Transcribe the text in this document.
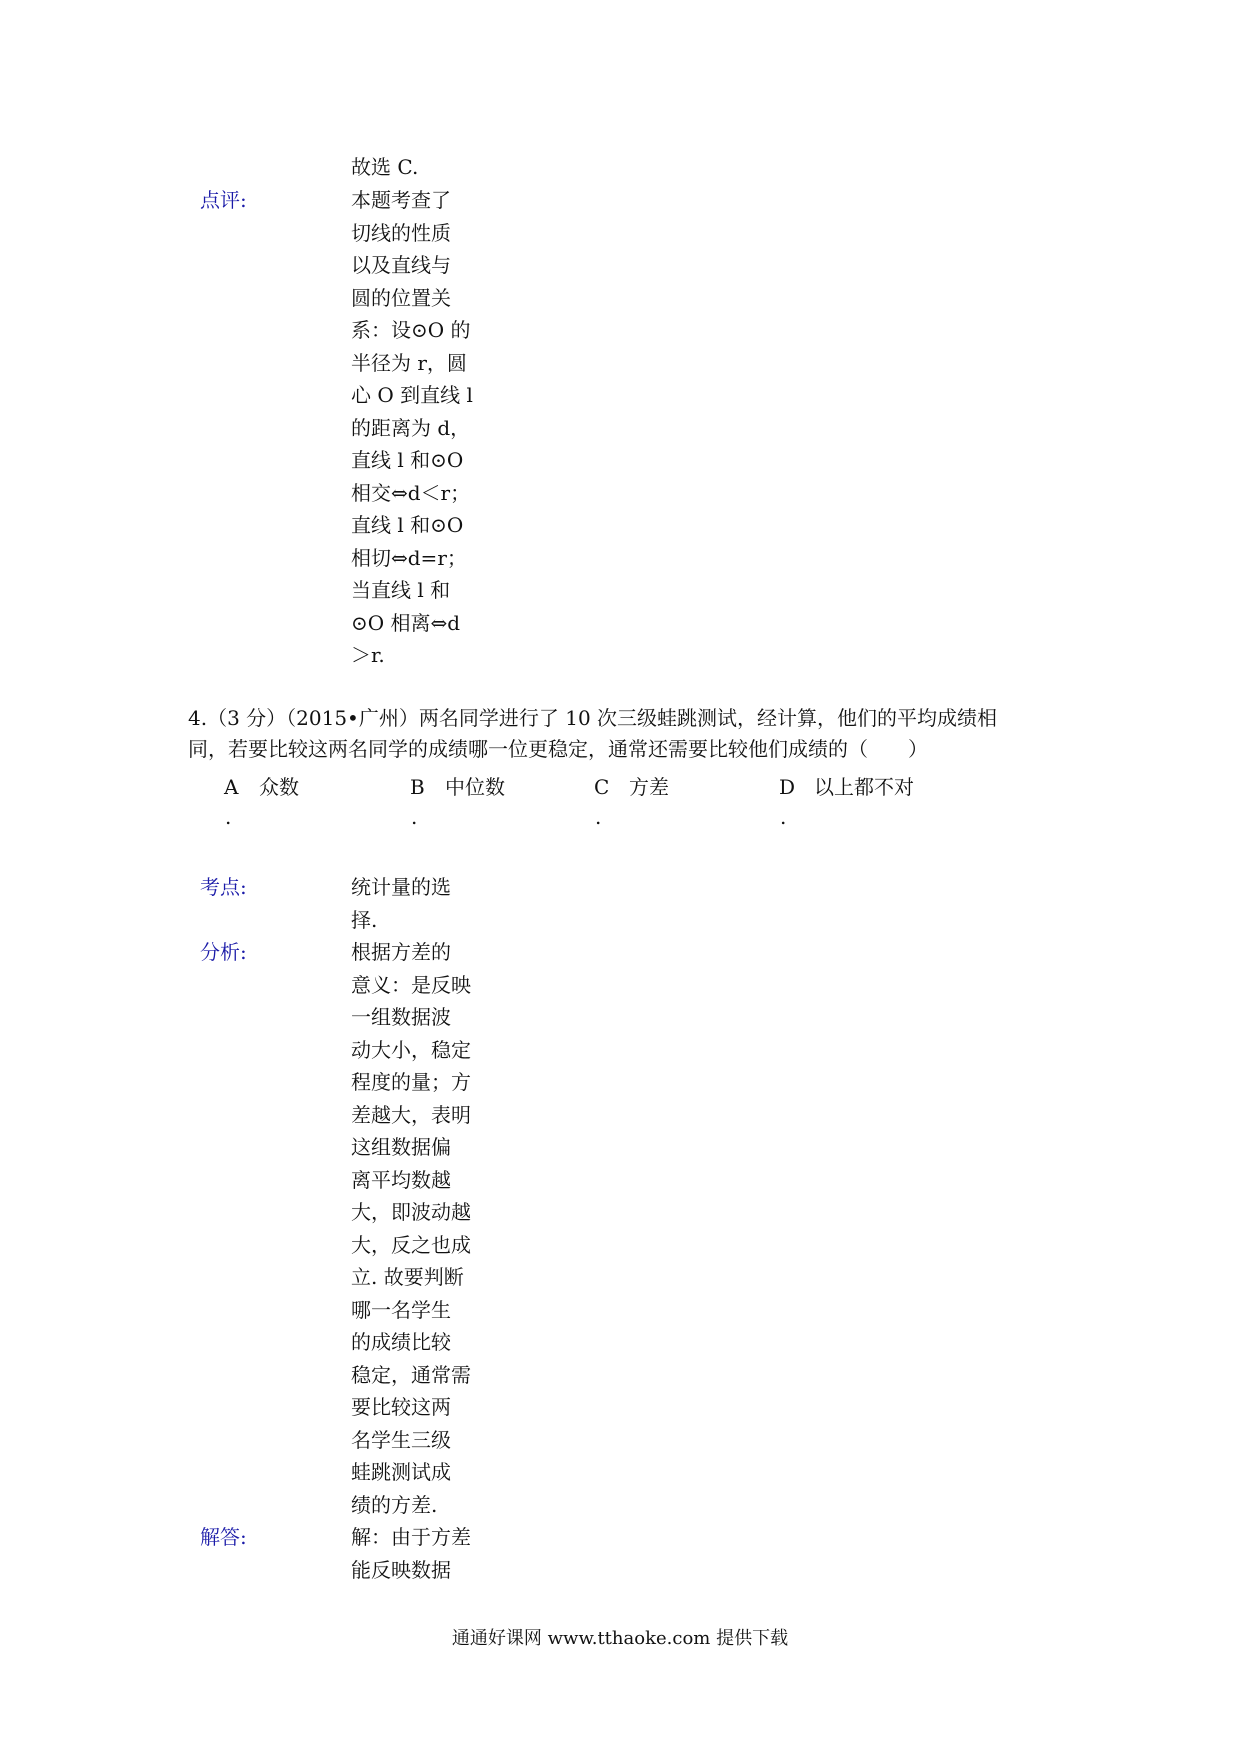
故选 C.
点评:	本题考查了
切线的性质
以及直线与
圆的位置关
系：设⊙O 的
半径为 r，圆
心 O 到直线 l
的距离为 d，
直线 l 和⊙O
相交⇔d＜r；
直线 l 和⊙O
相切⇔d=r；
当直线 l 和
⊙O 相离⇔d
＞r.
4.（3 分）（2015•广州）两名同学进行了 10 次三级蛙跳测试，经计算，他们的平均成绩相
同，若要比较这两名同学的成绩哪一位更稳定，通常还需要比较他们成绩的（　　）
A 众数
.
B 中位数
.
C 方差
.
D 以上都不对
.
考点:	统计量的选
择.
分析:	根据方差的
意义：是反映
一组数据波
动大小，稳定
程度的量；方
差越大，表明
这组数据偏
离平均数越
大，即波动越
大，反之也成
立. 故要判断
哪一名学生
的成绩比较
稳定，通常需
要比较这两
名学生三级
蛙跳测试成
绩的方差.
解答:	解：由于方差
能反映数据
通通好课网 www.tthaoke.com 提供下载
